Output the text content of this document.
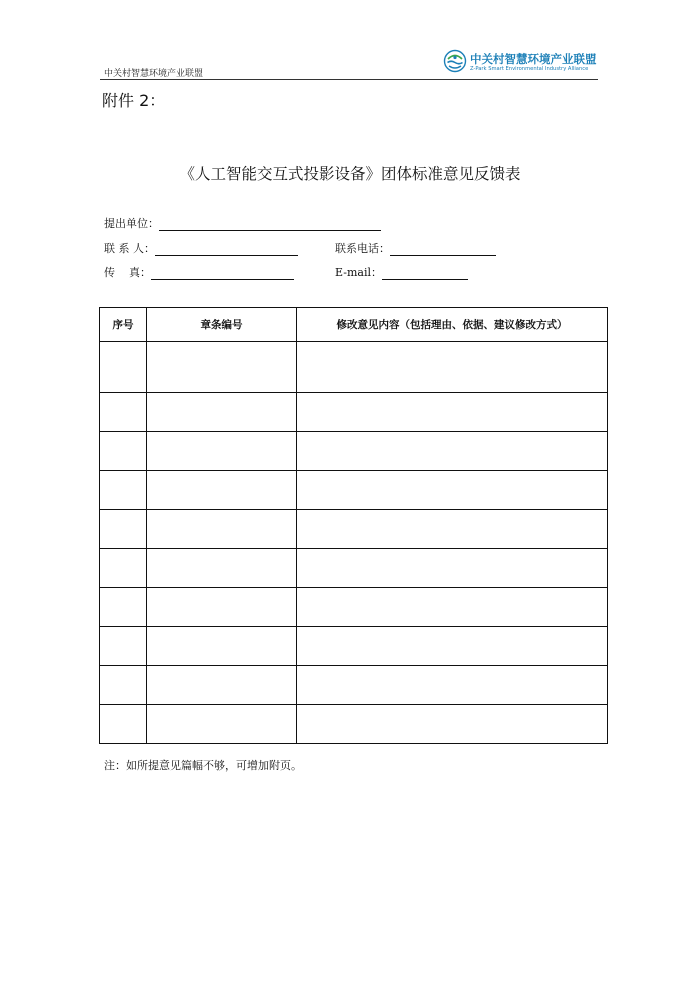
中关村智慧环境产业联盟
中关村智慧环境产业联盟
Z-Park Smart Environmental Industry Alliance
附件 2：
《人工智能交互式投影设备》团体标准意见反馈表
提出单位：
联 系 人：	联系电话：
传    真：	E-mail：
序号	章条编号	修改意见内容（包括理由、依据、建议修改方式）

注：如所提意见篇幅不够，可增加附页。
